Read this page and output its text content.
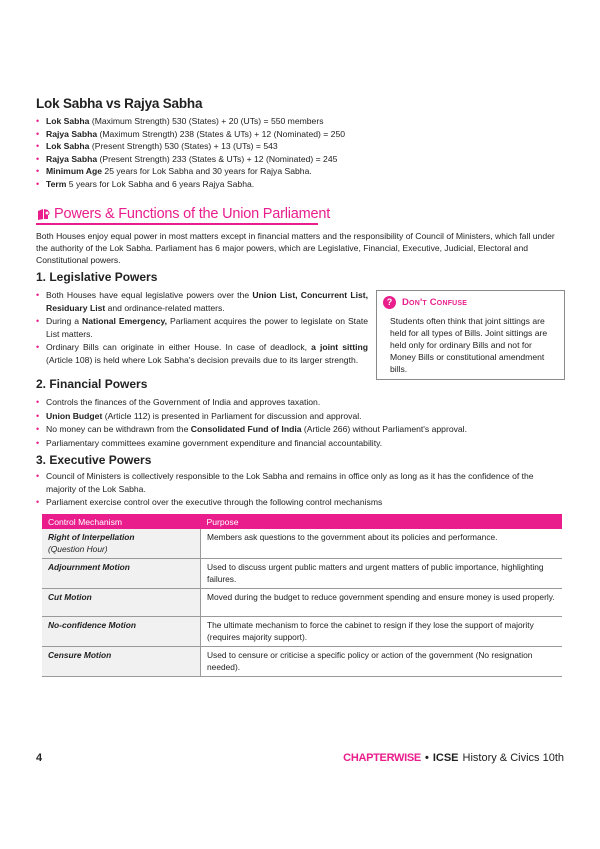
Lok Sabha vs Rajya Sabha
• Lok Sabha (Maximum Strength) 530 (States) + 20 (UTs) = 550 members
• Rajya Sabha (Maximum Strength) 238 (States & UTs) + 12 (Nominated) = 250
• Lok Sabha (Present Strength) 530 (States) + 13 (UTs) = 543
• Rajya Sabha (Present Strength) 233 (States & UTs) + 12 (Nominated) = 245
• Minimum Age 25 years for Lok Sabha and 30 years for Rajya Sabha.
• Term 5 years for Lok Sabha and 6 years Rajya Sabha.
Powers & Functions of the Union Parliament
Both Houses enjoy equal power in most matters except in financial matters and the responsibility of Council of Ministers, which fall under the authority of the Lok Sabha. Parliament has 6 major powers, which are Legislative, Financial, Executive, Judicial, Electoral and Constitutional powers.
1. Legislative Powers
• Both Houses have equal legislative powers over the Union List, Concurrent List, Residuary List and ordinance-related matters.
• During a National Emergency, Parliament acquires the power to legislate on State List matters.
• Ordinary Bills can originate in either House. In case of deadlock, a joint sitting (Article 108) is held where Lok Sabha's decision prevails due to its larger strength.
?	Don't Confuse
Students often think that joint sittings are held for all types of Bills. Joint sittings are held only for ordinary Bills and not for Money Bills or constitutional amendment bills.
2. Financial Powers
• Controls the finances of the Government of India and approves taxation.
• Union Budget (Article 112) is presented in Parliament for discussion and approval.
• No money can be withdrawn from the Consolidated Fund of India (Article 266) without Parliament's approval.
• Parliamentary committees examine government expenditure and financial accountability.
3. Executive Powers
• Council of Ministers is collectively responsible to the Lok Sabha and remains in office only as long as it has the confidence of the majority of the Lok Sabha.
• Parliament exercise control over the executive through the following control mechanisms
Control Mechanism	Purpose
Right of Interpellation
(Question Hour)	Members ask questions to the government about its policies and performance.
Adjournment Motion	Used to discuss urgent public matters and urgent matters of public importance, highlighting failures.
Cut Motion	Moved during the budget to reduce government spending and ensure money is used properly.
No-confidence Motion	The ultimate mechanism to force the cabinet to resign if they lose the support of majority (requires majority support).
Censure Motion	Used to censure or criticise a specific policy or action of the government (No resignation needed).
4	CHAPTERWISE • ICSE History & Civics 10th
